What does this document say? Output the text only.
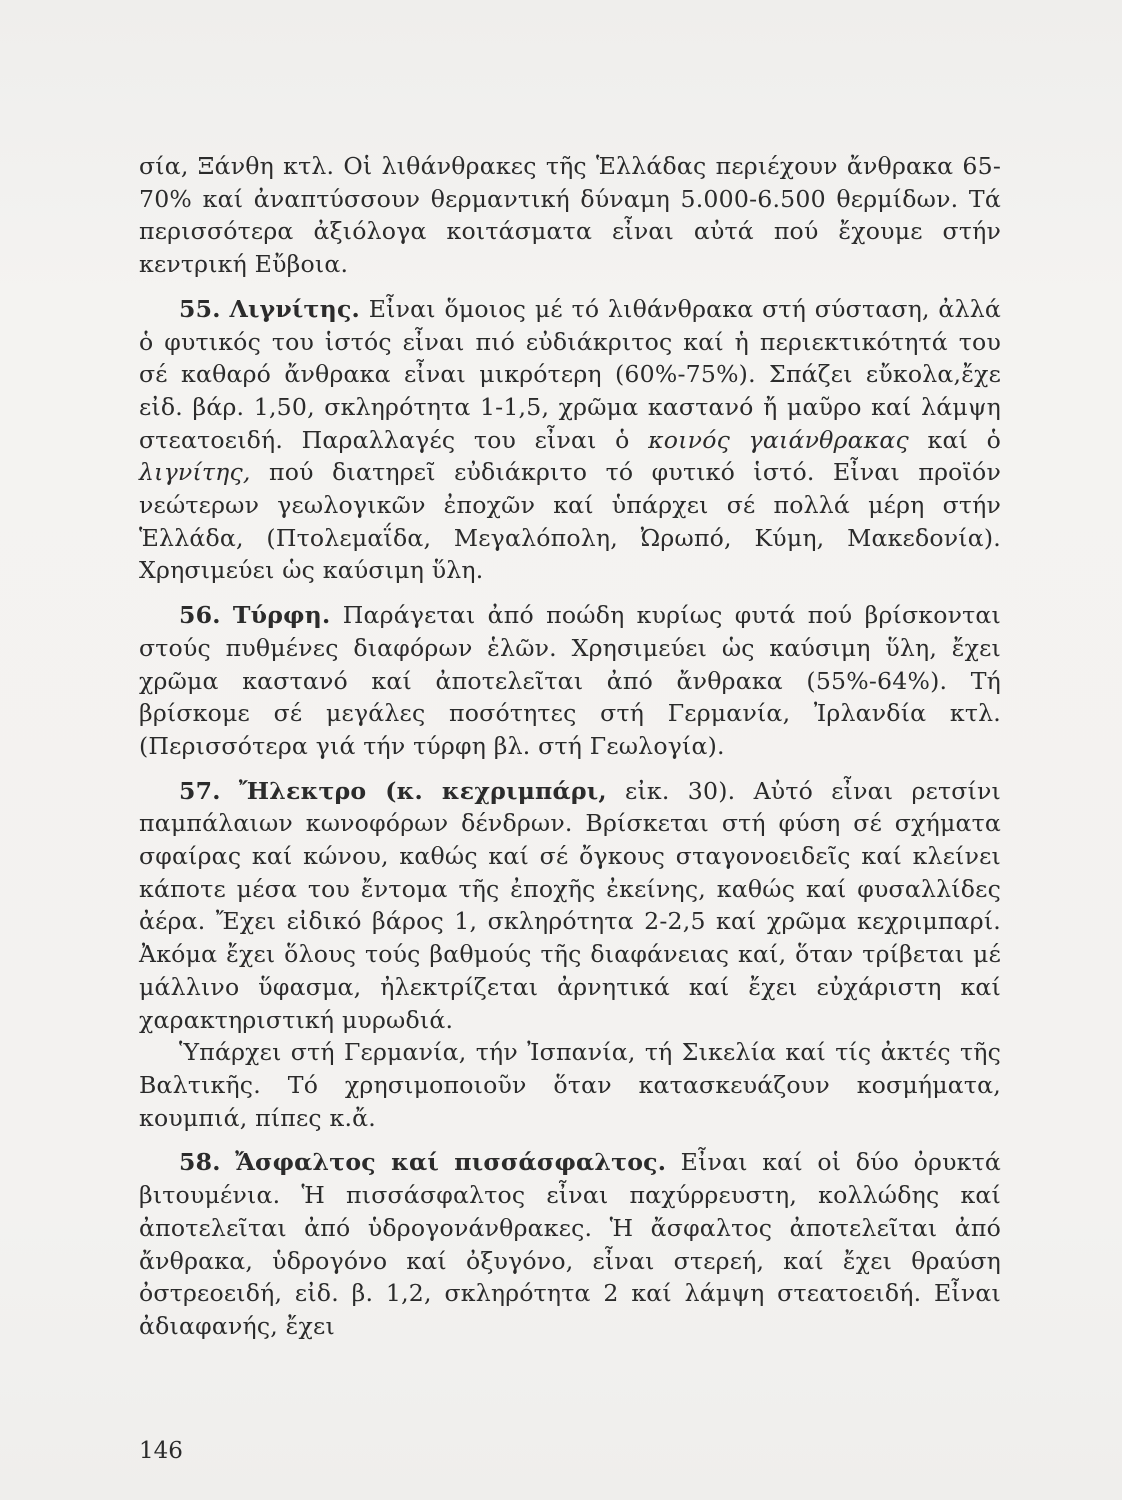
σία, Ξάνθη κτλ. Οἱ λιθάνθρακες τῆς Ἑλλάδας περιέχουν ἄνθρακα 65-70% καί ἀναπτύσσουν θερμαντική δύναμη 5.000-6.500 θερμίδων. Τά περισσότερα ἀξιόλογα κοιτάσματα εἶναι αὐτά πού ἔχουμε στήν κεντρική Εὔβοια.

55. Λιγνίτης. Εἶναι ὅμοιος μέ τό λιθάνθρακα στή σύσταση, ἀλλά ὁ φυτικός του ἱστός εἶναι πιό εὐδιάκριτος καί ἡ περιεκτικότητά του σέ καθαρό ἄνθρακα εἶναι μικρότερη (60%-75%). Σπάζει εὔκολα,ἔχε εἰδ. βάρ. 1,50, σκληρότητα 1-1,5, χρῶμα καστανό ἤ μαῦρο καί λάμψη στεατοειδή. Παραλλαγές του εἶναι ὁ κοινός γαιάνθρακας καί ὁ λιγνίτης, πού διατηρεῖ εὐδιάκριτο τό φυτικό ἱστό. Εἶναι προϊόν νεώτερων γεωλογικῶν ἐποχῶν καί ὑπάρχει σέ πολλά μέρη στήν Ἑλλάδα, (Πτολεμαΐδα, Μεγαλόπολη, Ὠρωπό, Κύμη, Μακεδονία). Χρησιμεύει ὡς καύσιμη ὕλη.

56. Τύρφη. Παράγεται ἀπό ποώδη κυρίως φυτά πού βρίσκονται στούς πυθμένες διαφόρων ἑλῶν. Χρησιμεύει ὡς καύσιμη ὕλη, ἔχει χρῶμα καστανό καί ἀποτελεῖται ἀπό ἄνθρακα (55%-64%). Τή βρίσκομε σέ μεγάλες ποσότητες στή Γερμανία, Ἰρλανδία κτλ. (Περισσότερα γιά τήν τύρφη βλ. στή Γεωλογία).

57. Ἤλεκτρο (κ. κεχριμπάρι, εἰκ. 30). Αὐτό εἶναι ρετσίνι παμπάλαιων κωνοφόρων δένδρων. Βρίσκεται στή φύση σέ σχήματα σφαίρας καί κώνου, καθώς καί σέ ὄγκους σταγονοειδεῖς καί κλείνει κάποτε μέσα του ἔντομα τῆς ἐποχῆς ἐκείνης, καθώς καί φυσαλλίδες ἀέρα. Ἔχει εἰδικό βάρος 1, σκληρότητα 2-2,5 καί χρῶμα κεχριμπαρί. Ἀκόμα ἔχει ὅλους τούς βαθμούς τῆς διαφάνειας καί, ὅταν τρίβεται μέ μάλλινο ὕφασμα, ἠλεκτρίζεται ἀρνητικά καί ἔχει εὐχάριστη καί χαρακτηριστική μυρωδιά.

Ὑπάρχει στή Γερμανία, τήν Ἰσπανία, τή Σικελία καί τίς ἀκτές τῆς Βαλτικῆς. Τό χρησιμοποιοῦν ὅταν κατασκευάζουν κοσμήματα, κουμπιά, πίπες κ.ἄ.

58. Ἄσφαλτος καί πισσάσφαλτος. Εἶναι καί οἱ δύο ὀρυκτά βιτουμένια. Ἡ πισσάσφαλτος εἶναι παχύρρευστη, κολλώδης καί ἀποτελεῖται ἀπό ὑδρογονάνθρακες. Ἡ ἄσφαλτος ἀποτελεῖται ἀπό ἄνθρακα, ὑδρογόνο καί ὀξυγόνο, εἶναι στερεή, καί ἔχει θραύση ὀστρεοειδή, εἰδ. β. 1,2, σκληρότητα 2 καί λάμψη στεατοειδή. Εἶναι ἀδιαφανής, ἔχει

146
